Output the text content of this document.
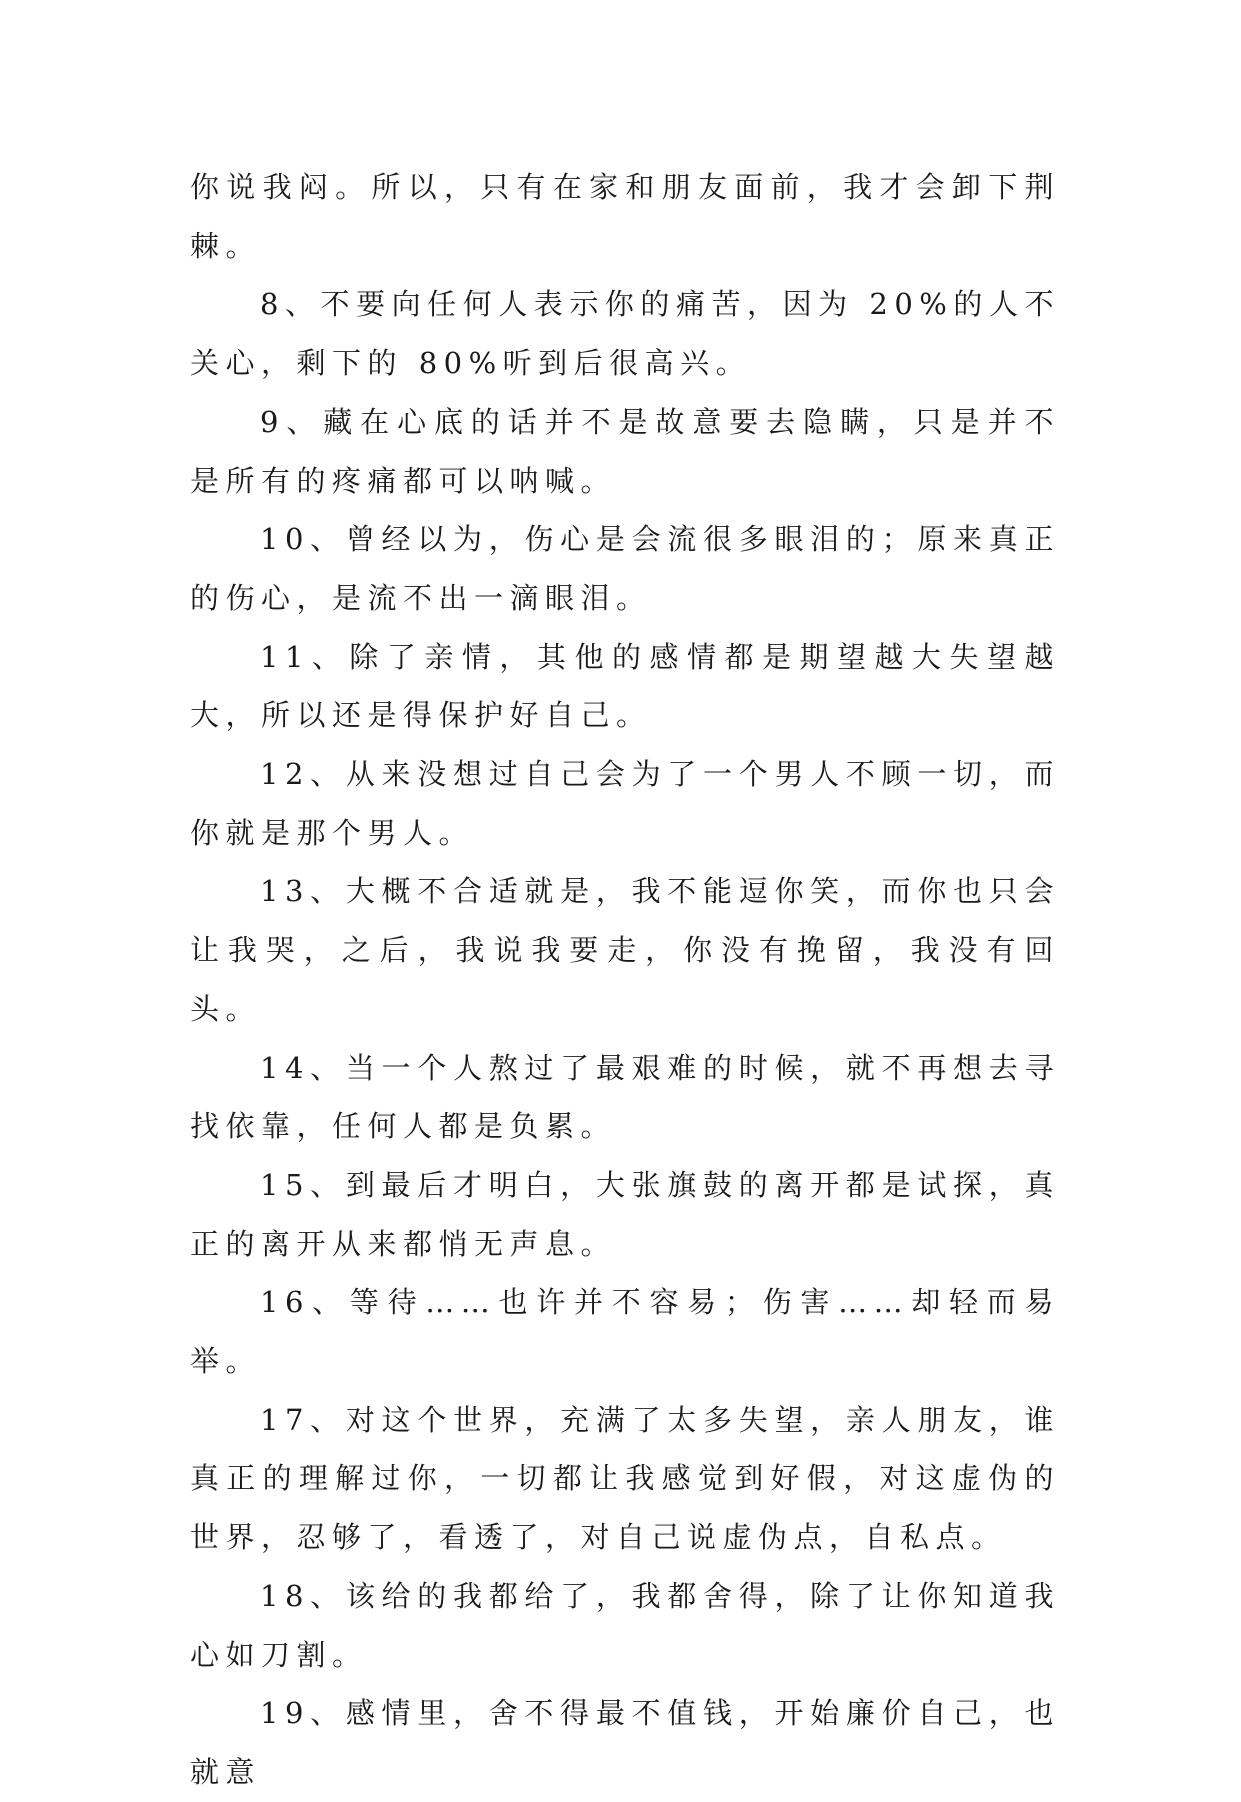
你说我闷。所以，只有在家和朋友面前，我才会卸下荆棘。

8、不要向任何人表示你的痛苦，因为 20%的人不关心，剩下的 80%听到后很高兴。

9、藏在心底的话并不是故意要去隐瞒，只是并不是所有的疼痛都可以呐喊。

10、曾经以为，伤心是会流很多眼泪的；原来真正的伤心，是流不出一滴眼泪。

11、除了亲情，其他的感情都是期望越大失望越大，所以还是得保护好自己。

12、从来没想过自己会为了一个男人不顾一切，而你就是那个男人。

13、大概不合适就是，我不能逗你笑，而你也只会让我哭，之后，我说我要走，你没有挽留，我没有回头。

14、当一个人熬过了最艰难的时候，就不再想去寻找依靠，任何人都是负累。

15、到最后才明白，大张旗鼓的离开都是试探，真正的离开从来都悄无声息。

16、等待……也许并不容易；伤害……却轻而易举。

17、对这个世界，充满了太多失望，亲人朋友，谁真正的理解过你，一切都让我感觉到好假，对这虚伪的世界，忍够了，看透了，对自己说虚伪点，自私点。

18、该给的我都给了，我都舍得，除了让你知道我心如刀割。

19、感情里，舍不得最不值钱，开始廉价自己，也就意
